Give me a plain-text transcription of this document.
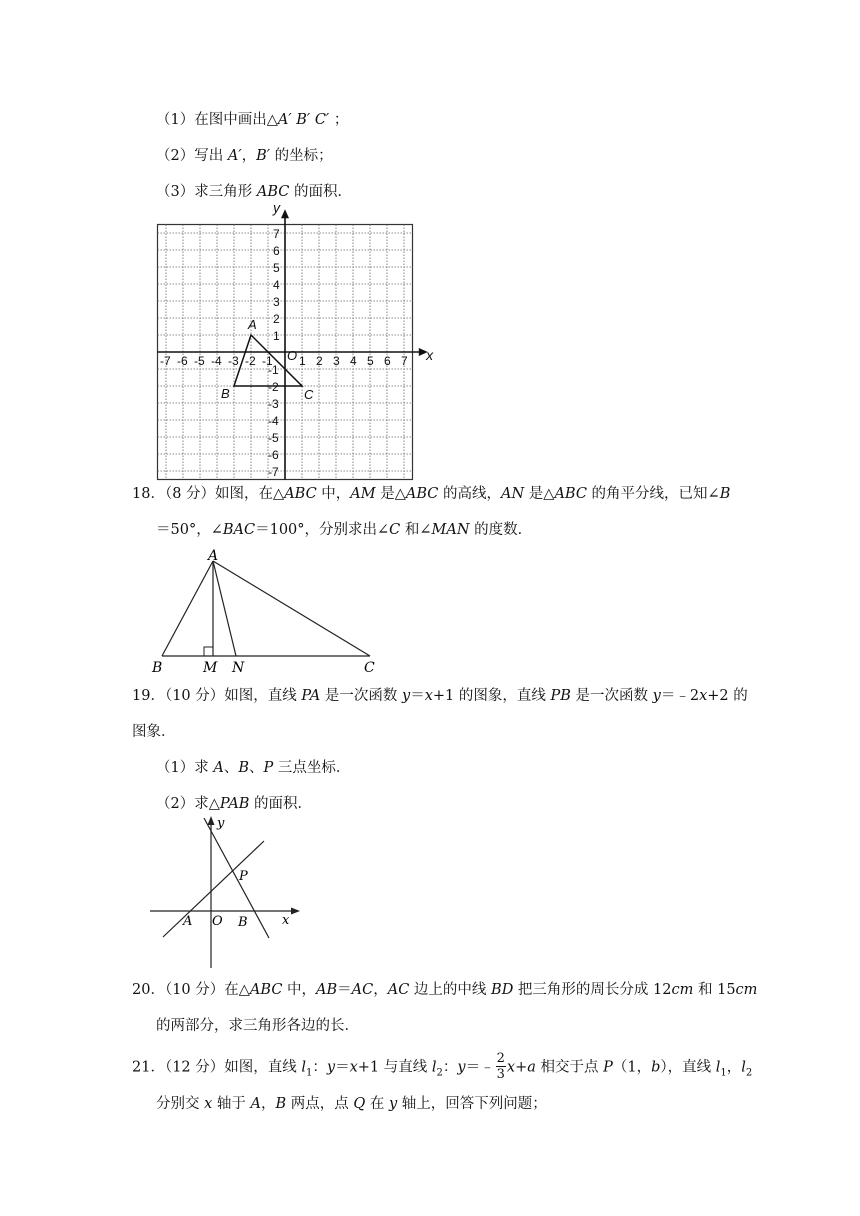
（1）在图中画出△A′ B′ C′ ；
（2）写出 A′，B′ 的坐标；
（3）求三角形 ABC 的面积．
-7 -6 -5 -4 -3 -2 -1 1 2 3 4 5 6 7
7
6
5
4
3
2
1
-1
-2
-3
-4
-5
-6
-7
x
y
O
A
B	C
18．（8 分）如图，在△ABC 中，AM 是△ABC 的高线，AN 是△ABC 的角平分线，已知∠B
＝50°，∠BAC＝100°，分别求出∠C 和∠MAN 的度数．
A
B	M N	C
19．（10 分）如图，直线 PA 是一次函数 y＝x+1 的图象，直线 PB 是一次函数 y＝﹣2x+2 的
图象．
（1）求 A、B、P 三点坐标．
（2）求△PAB 的面积．
y
x
P
A O B
20．（10 分）在△ABC 中，AB＝AC，AC 边上的中线 BD 把三角形的周长分成 12cm 和 15cm
的两部分，求三角形各边的长．
21．（12 分）如图，直线 $l_1$：y＝x+1 与直线 $l_2$：y＝﹣ $\frac{2}{3} x+a$ 相交于点 P（1，b），直线 $l_1$，$l_2$
分别交 x 轴于 A，B 两点，点 Q 在 y 轴上，回答下列问题；
